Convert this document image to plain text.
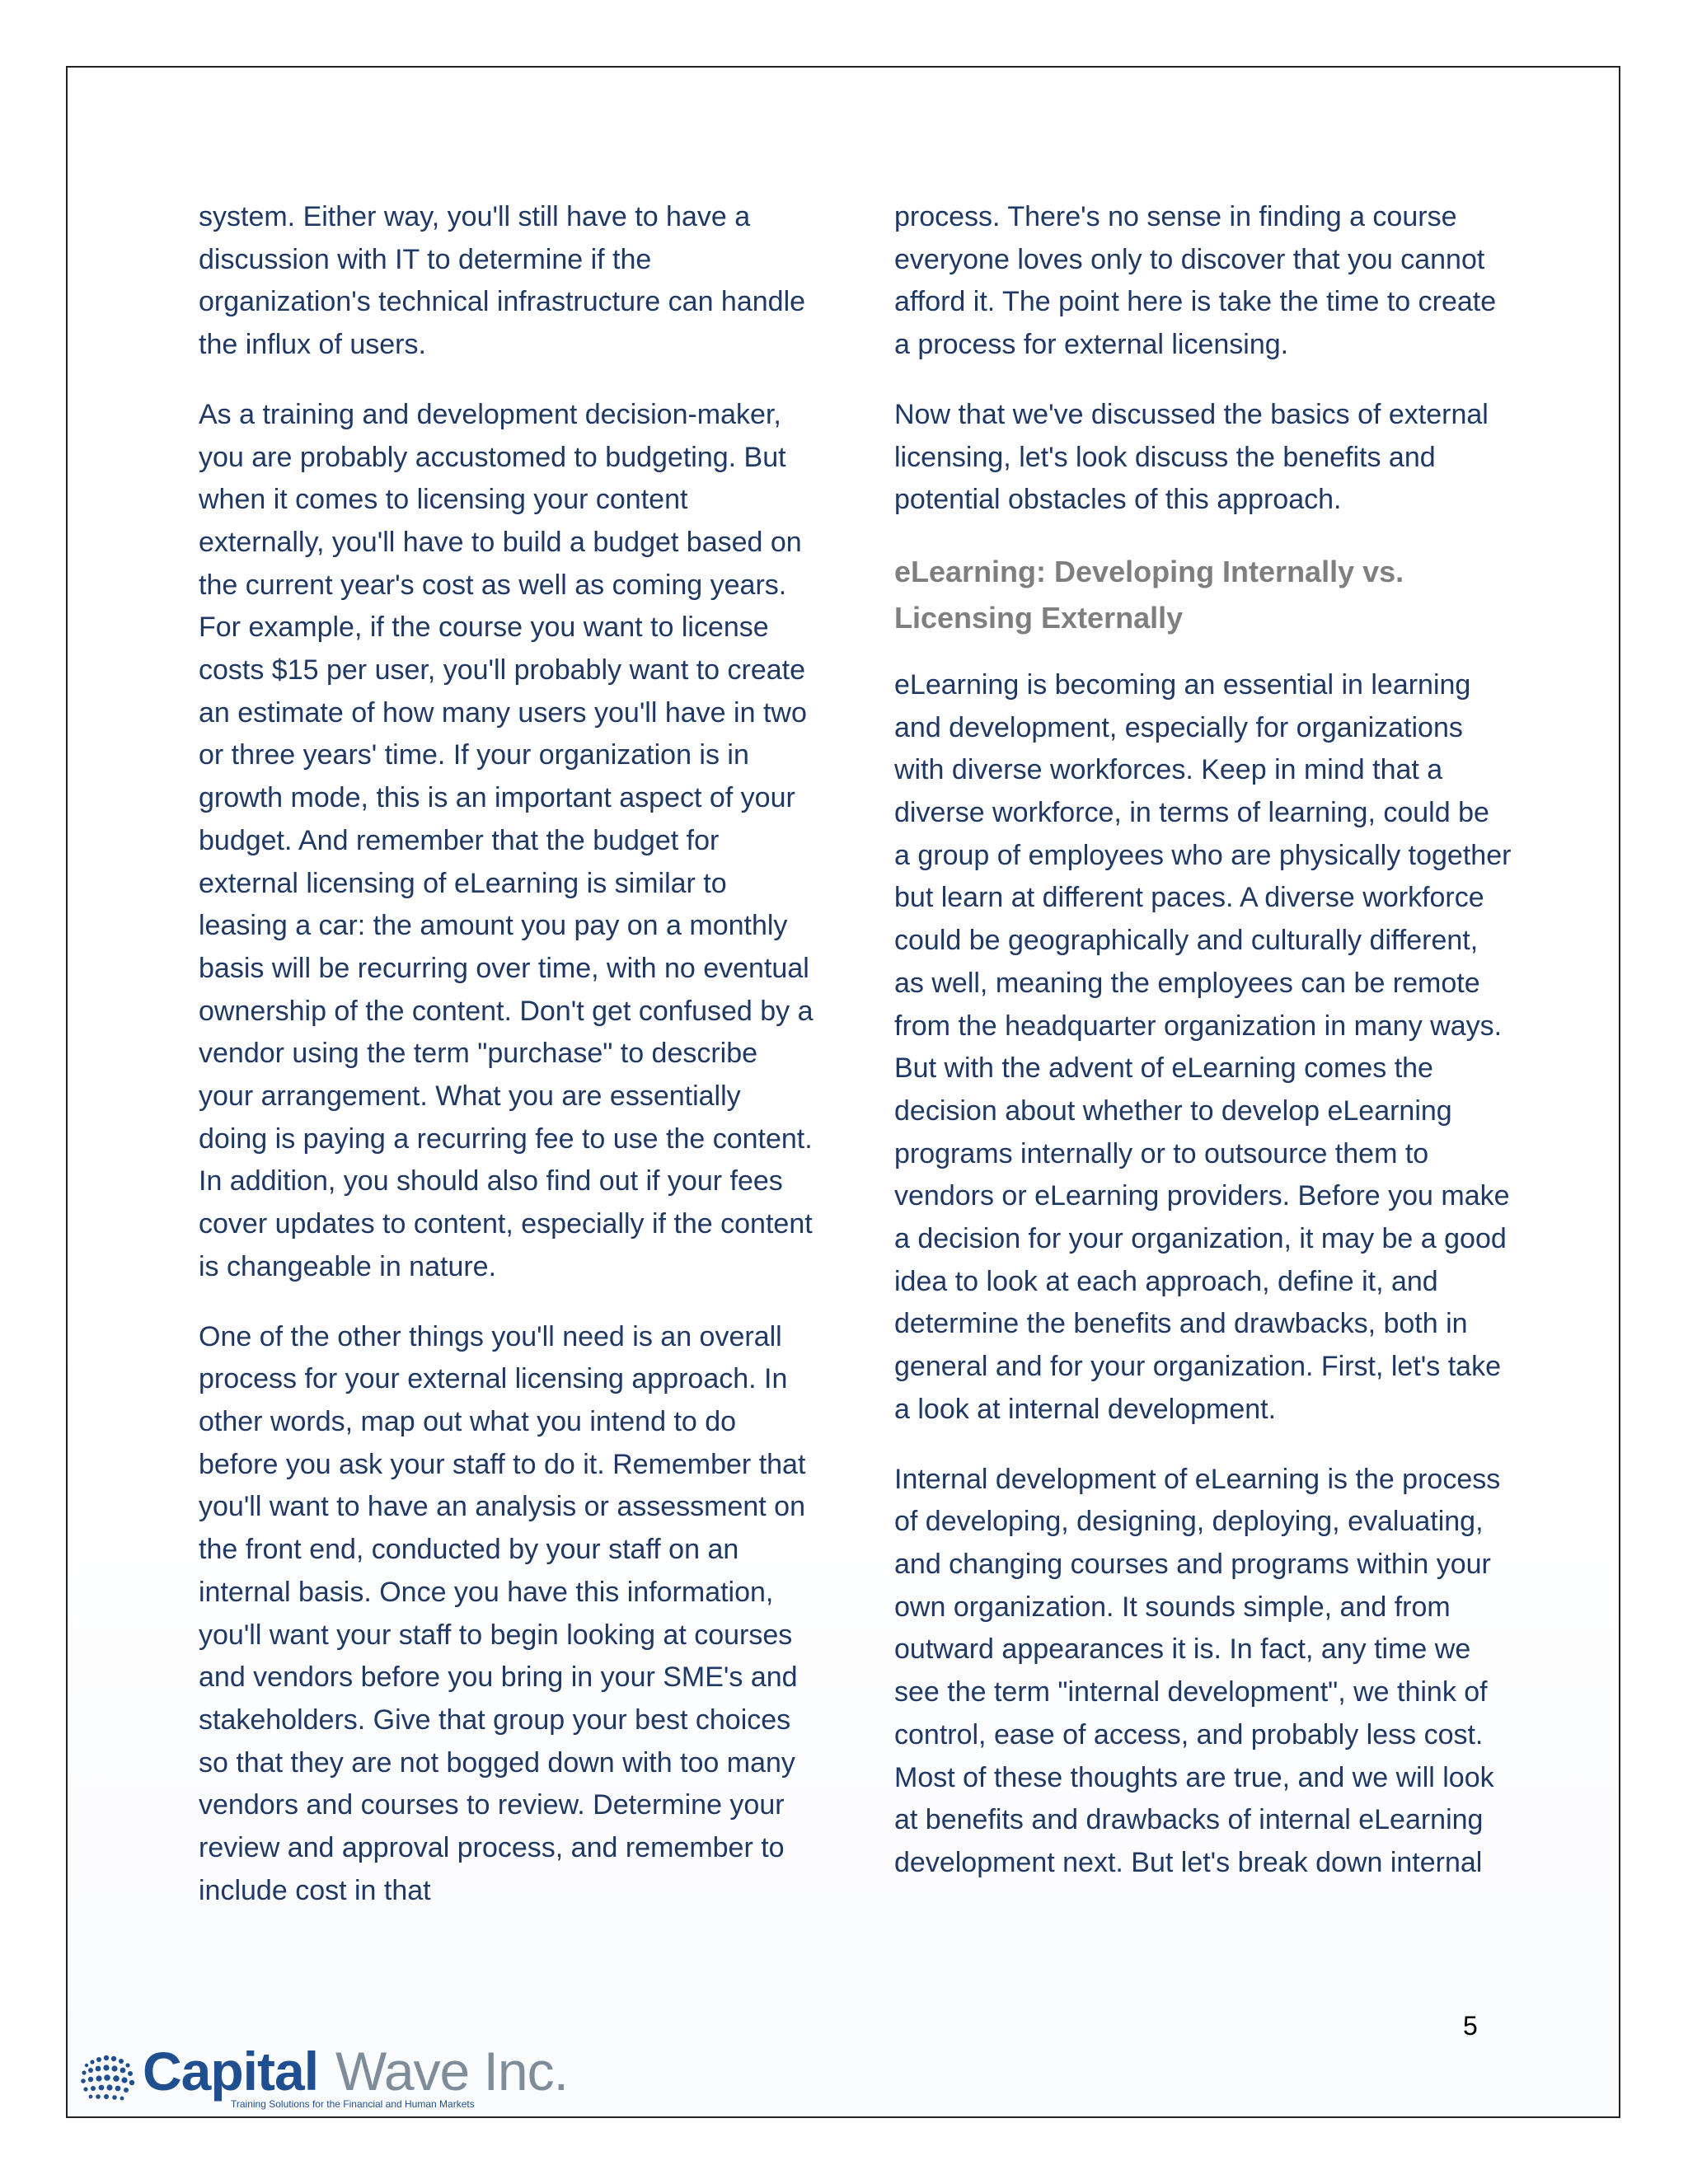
system. Either way, you'll still have to have a discussion with IT to determine if the organization's technical infrastructure can handle the influx of users.

As a training and development decision-maker, you are probably accustomed to budgeting. But when it comes to licensing your content externally, you'll have to build a budget based on the current year's cost as well as coming years. For example, if the course you want to license costs $15 per user, you'll probably want to create an estimate of how many users you'll have in two or three years' time. If your organization is in growth mode, this is an important aspect of your budget. And remember that the budget for external licensing of eLearning is similar to leasing a car: the amount you pay on a monthly basis will be recurring over time, with no eventual ownership of the content. Don't get confused by a vendor using the term "purchase" to describe your arrangement. What you are essentially doing is paying a recurring fee to use the content. In addition, you should also find out if your fees cover updates to content, especially if the content is changeable in nature.

One of the other things you'll need is an overall process for your external licensing approach. In other words, map out what you intend to do before you ask your staff to do it. Remember that you'll want to have an analysis or assessment on the front end, conducted by your staff on an internal basis. Once you have this information, you'll want your staff to begin looking at courses and vendors before you bring in your SME's and stakeholders. Give that group your best choices so that they are not bogged down with too many vendors and courses to review. Determine your review and approval process, and remember to include cost in that

process. There's no sense in finding a course everyone loves only to discover that you cannot afford it. The point here is take the time to create a process for external licensing.

Now that we've discussed the basics of external licensing, let's look discuss the benefits and potential obstacles of this approach.

eLearning: Developing Internally vs. Licensing Externally

eLearning is becoming an essential in learning and development, especially for organizations with diverse workforces. Keep in mind that a diverse workforce, in terms of learning, could be a group of employees who are physically together but learn at different paces. A diverse workforce could be geographically and culturally different, as well, meaning the employees can be remote from the headquarter organization in many ways. But with the advent of eLearning comes the decision about whether to develop eLearning programs internally or to outsource them to vendors or eLearning providers. Before you make a decision for your organization, it may be a good idea to look at each approach, define it, and determine the benefits and drawbacks, both in general and for your organization. First, let's take a look at internal development.

Internal development of eLearning is the process of developing, designing, deploying, evaluating, and changing courses and programs within your own organization. It sounds simple, and from outward appearances it is. In fact, any time we see the term "internal development", we think of control, ease of access, and probably less cost. Most of these thoughts are true, and we will look at benefits and drawbacks of internal eLearning development next. But let's break down internal

5
Capital Wave Inc.
Training Solutions for the Financial and Human Markets
